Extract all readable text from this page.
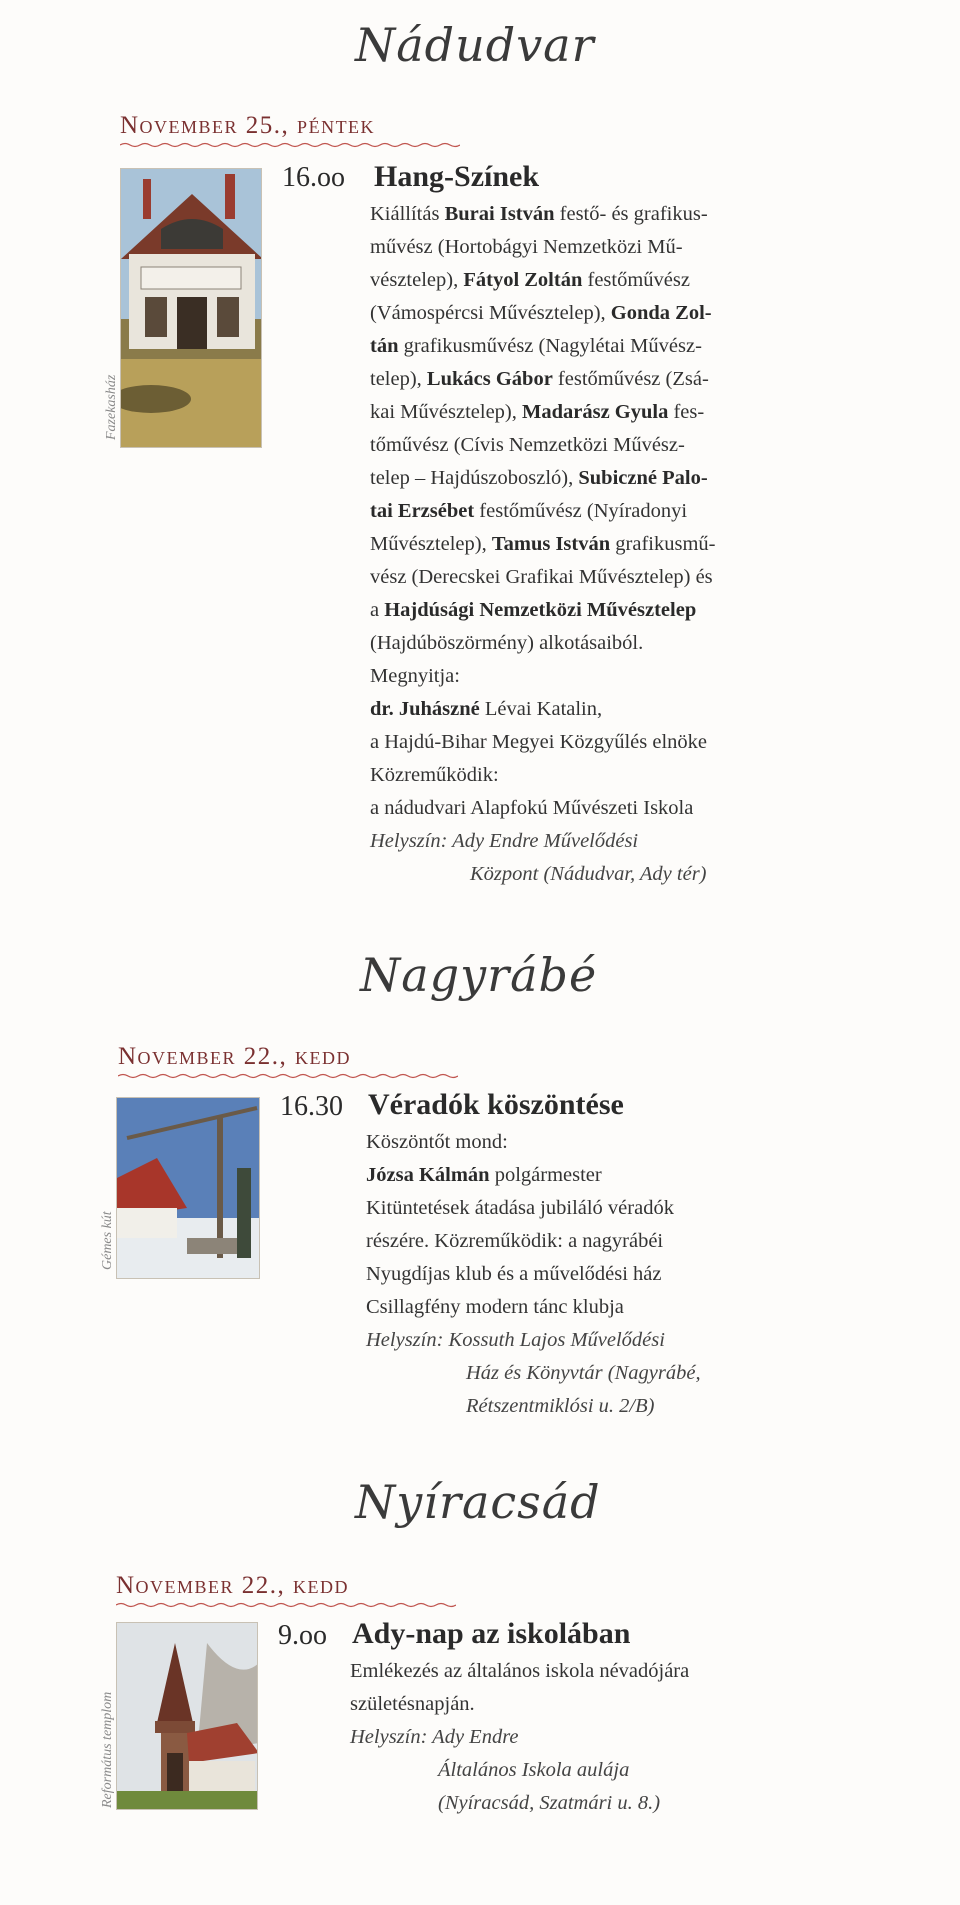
Nádudvar
November 25., péntek
Fazekasház
16.oo Hang-Színek
Kiállítás Burai István festő- és grafikus-
művész (Hortobágyi Nemzetközi Mű-
vésztelep), Fátyol Zoltán festőművész
(Vámospércsi Művésztelep), Gonda Zol-
tán grafikusművész (Nagylétai Művész-
telep), Lukács Gábor festőművész (Zsá-
kai Művésztelep), Madarász Gyula fes-
tőművész (Cívis Nemzetközi Művész-
telep – Hajdúszoboszló), Subiczné Palo-
tai Erzsébet festőművész (Nyíradonyi
Művésztelep), Tamus István grafikusmű-
vész (Derecskei Grafikai Művésztelep) és
a Hajdúsági Nemzetközi Művésztelep
(Hajdúböszörmény) alkotásaiból.
Megnyitja:
dr. Juhászné Lévai Katalin,
a Hajdú-Bihar Megyei Közgyűlés elnöke
Közreműködik:
a nádudvari Alapfokú Művészeti Iskola
Helyszín: Ady Endre Művelődési
Központ (Nádudvar, Ady tér)
Nagyrábé
November 22., kedd
Gémes kút
16.30 Véradók köszöntése
Köszöntőt mond:
Józsa Kálmán polgármester
Kitüntetések átadása jubiláló véradók
részére. Közreműködik: a nagyrábéi
Nyugdíjas klub és a művelődési ház
Csillagfény modern tánc klubja
Helyszín: Kossuth Lajos Művelődési
Ház és Könyvtár (Nagyrábé,
Rétszentmiklósi u. 2/B)
Nyíracsád
November 22., kedd
Református templom
9.oo Ady-nap az iskolában
Emlékezés az általános iskola névadójára
születésnapján.
Helyszín: Ady Endre
Általános Iskola aulája
(Nyíracsád, Szatmári u. 8.)
